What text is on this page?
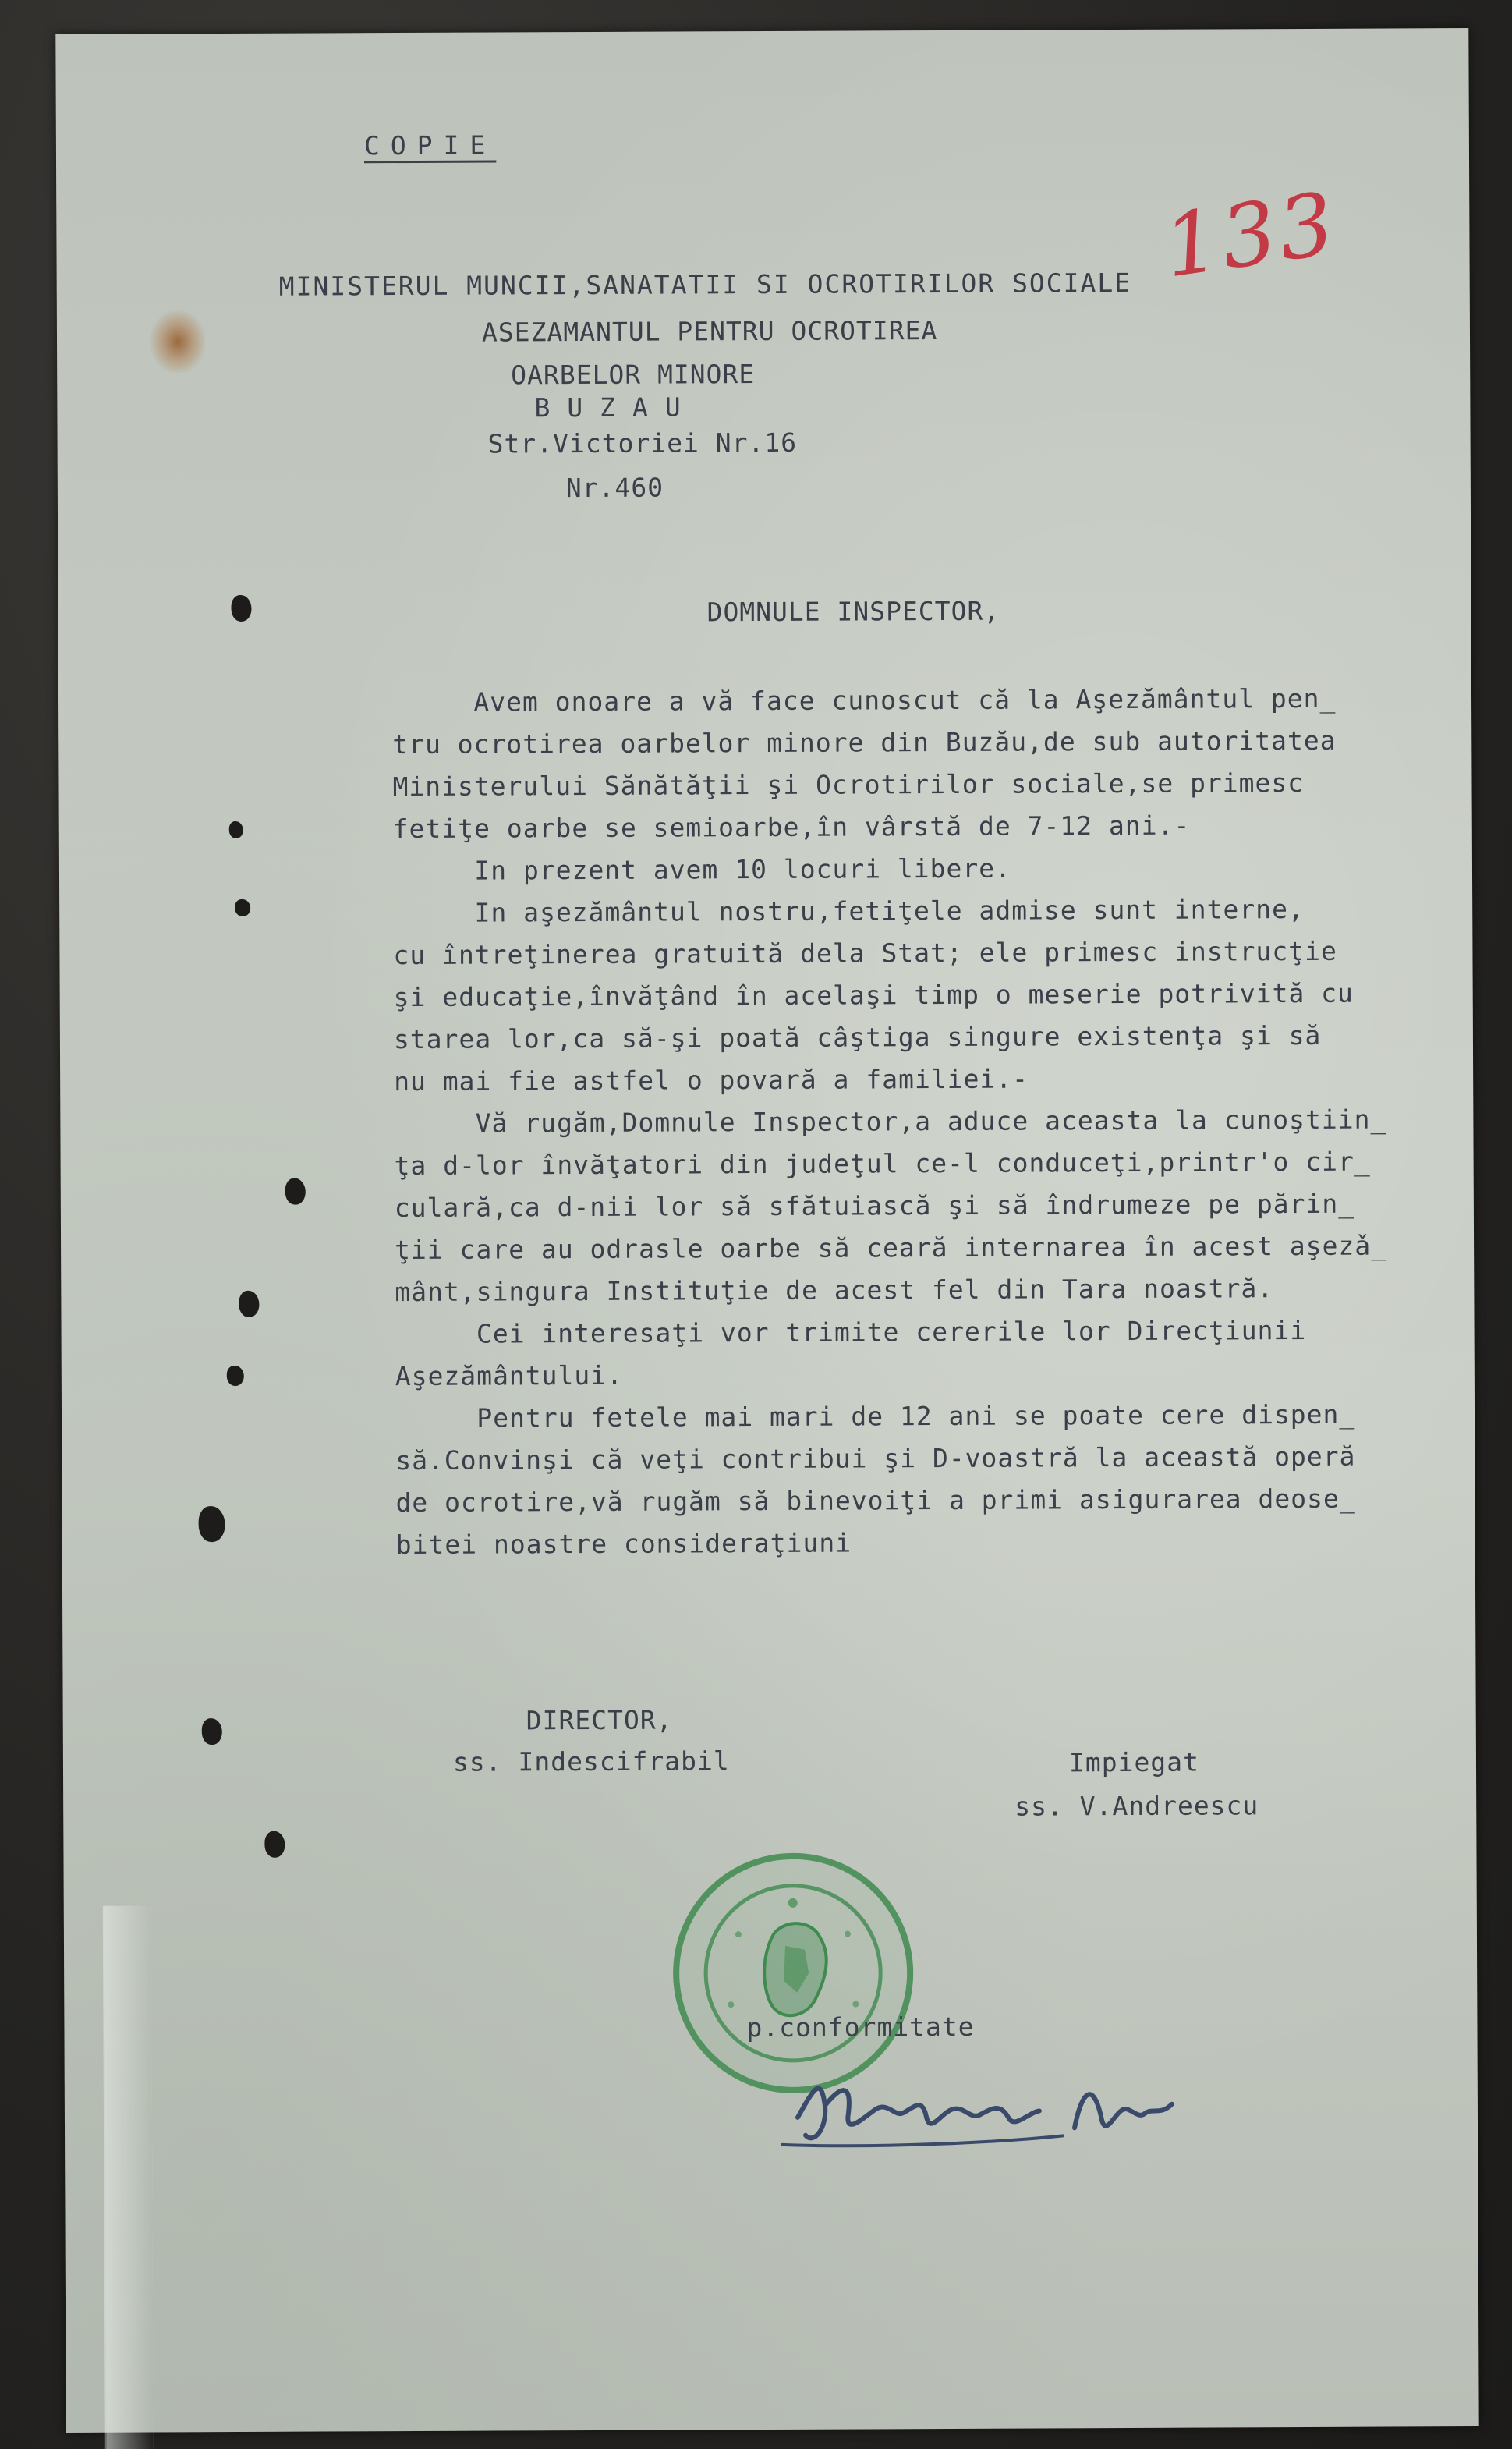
133
COPIE
MINISTERUL MUNCII,SANATATII SI OCROTIRILOR SOCIALE
ASEZAMANTUL PENTRU OCROTIREA
OARBELOR MINORE
BUZAU
Str.Victoriei Nr.16
Nr.460
DOMNULE INSPECTOR,
Avem onoare a vă face cunoscut că la Aşezământul pen_
tru ocrotirea oarbelor minore din Buzău,de sub autoritatea
Ministerului Sănătăţii şi Ocrotirilor sociale,se primesc
fetiţe oarbe se semioarbe,în vârstă de 7-12 ani.-
In prezent avem 10 locuri libere.
In aşezământul nostru,fetiţele admise sunt interne,
cu întreţinerea gratuită dela Stat; ele primesc instrucţie
şi educaţie,învăţând în acelaşi timp o meserie potrivită cu
starea lor,ca să-şi poată câştiga singure existenţa şi să
nu mai fie astfel o povară a familiei.-
Vă rugăm,Domnule Inspector,a aduce aceasta la cunoştiin_
ţa d-lor învăţatori din judeţul ce-l conduceţi,printr'o cir_
culară,ca d-nii lor să sfătuiască şi să îndrumeze pe părin_
ţii care au odrasle oarbe să ceară internarea în acest aşezǎ_
mânt,singura Instituţie de acest fel din Tara noastră.
Cei interesaţi vor trimite cererile lor Direcţiunii
Aşezământului.
Pentru fetele mai mari de 12 ani se poate cere dispen_
să.Convinşi că veţi contribui şi D-voastră la această operă
de ocrotire,vă rugăm să binevoiţi a primi asigurarea deose_
bitei noastre consideraţiuni
DIRECTOR,
ss. Indescifrabil	Impiegat
ss. V.Andreescu
p.conformitate
